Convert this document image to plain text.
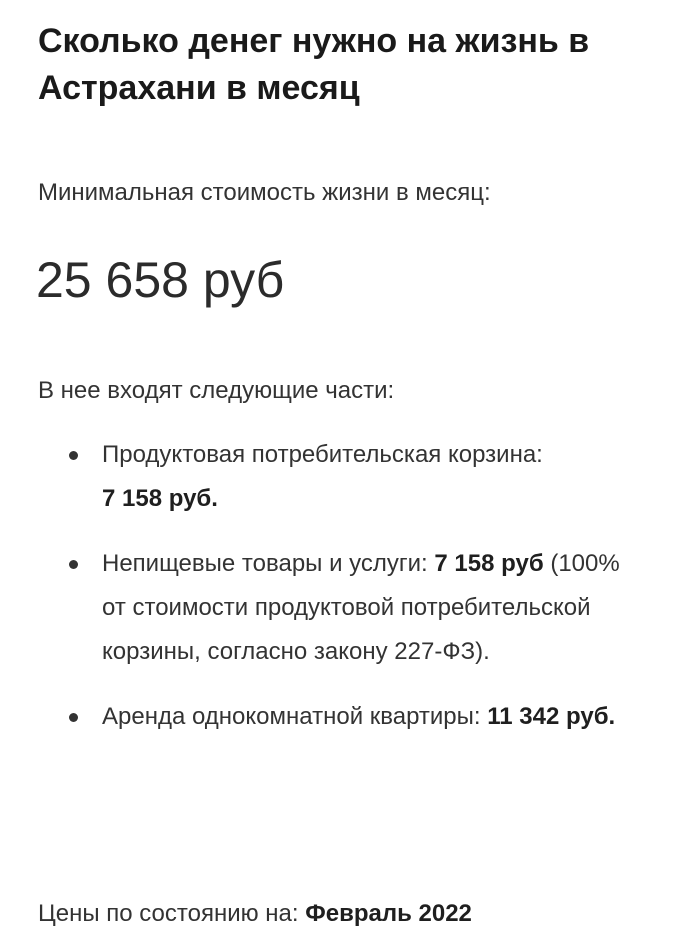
Сколько денег нужно на жизнь в Астрахани в месяц

Минимальная стоимость жизни в месяц:

25 658 руб

В нее входят следующие части:

Продуктовая потребительская корзина:
7 158 руб.
Непищевые товары и услуги: 7 158 руб (100% от стоимости продуктовой потребительской корзины, согласно закону 227-ФЗ).
Аренда однокомнатной квартиры: 11 342 руб.

Цены по состоянию на: Февраль 2022
